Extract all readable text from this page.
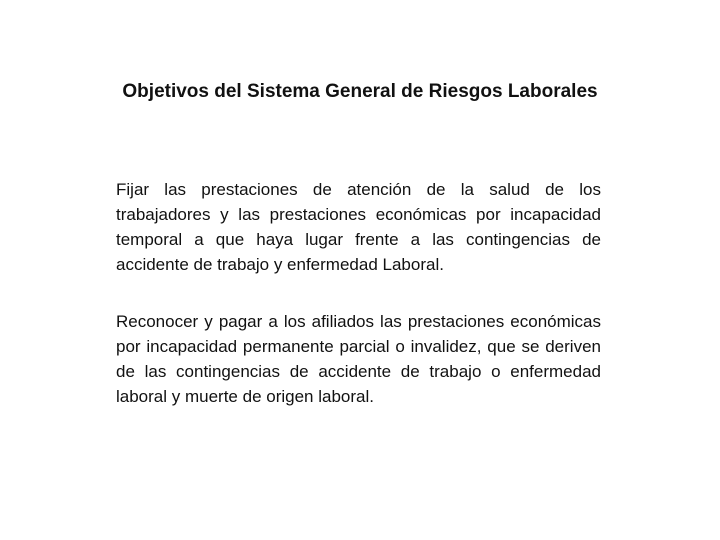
Objetivos del Sistema General de Riesgos Laborales

Fijar las prestaciones de atención de la salud de los trabajadores y las prestaciones económicas por incapacidad temporal a que haya lugar frente a las contingencias de accidente de trabajo y enfermedad Laboral.

Reconocer y pagar a los afiliados las prestaciones económicas por incapacidad permanente parcial o invalidez, que se deriven de las contingencias de accidente de trabajo o enfermedad laboral y muerte de origen laboral.
